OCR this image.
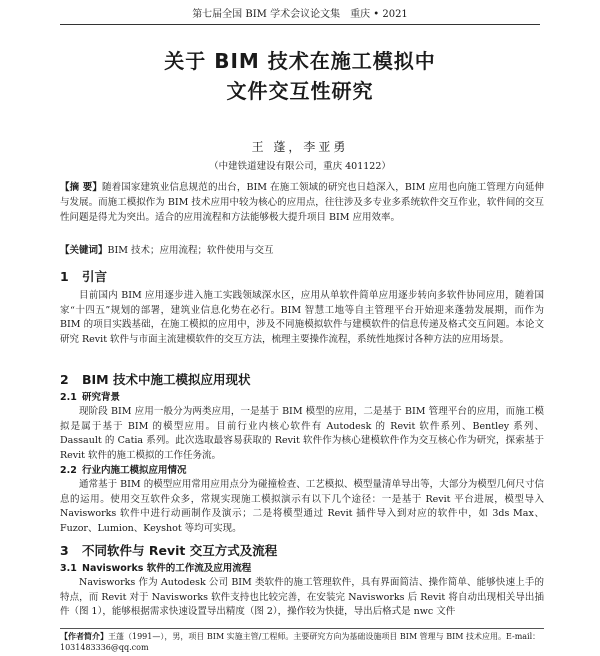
第七届全国 BIM 学术会议论文集 重庆 • 2021
关于 BIM 技术在施工模拟中
文件交互性研究
王 蓬，李亚勇
（中建铁道建设有限公司，重庆 401122）
【摘 要】随着国家建筑业信息规范的出台，BIM 在施工领域的研究也日趋深入，BIM 应用也向施工管理方向延伸与发展。而施工模拟作为 BIM 技术应用中较为核心的应用点，往往涉及多专业多系统软件交互作业，软件间的交互性问题是得尤为突出。适合的应用流程和方法能够极大提升项目 BIM 应用效率。
【关键词】BIM 技术；应用流程；软件使用与交互
1 引言
目前国内 BIM 应用逐步进入施工实践领域深水区，应用从单软件简单应用逐步转向多软件协同应用，随着国家“十四五”规划的部署，建筑业信息化势在必行。BIM 智慧工地等自主管理平台开始迎来蓬勃发展期，而作为 BIM 的项目实践基础，在施工模拟的应用中，涉及不同施模拟软件与建模软件的信息传递及格式交互问题。本论文研究 Revit 软件与市面主流建模软件的交互方法，梳理主要操作流程，系统性地探讨各种方法的应用场景。
2 BIM 技术中施工模拟应用现状
2.1 研究背景
现阶段 BIM 应用一般分为两类应用，一是基于 BIM 模型的应用，二是基于 BIM 管理平台的应用，而施工模拟是属于基于 BIM 的模型应用。目前行业内核心软件有 Autodesk 的 Revit 软件系列、Bentley 系列、Dassault 的 Catia 系列。此次选取最容易获取的 Revit 软件作为核心建模软件作为交互核心作为研究，探索基于 Revit 软件的施工模拟的工作任务流。
2.2 行业内施工模拟应用情况
通常基于 BIM 的模型应用常用应用点分为碰撞检查、工艺模拟、模型量清单导出等，大部分为模型几何尺寸信息的运用。使用交互软件众多，常规实现施工模拟演示有以下几个途径：一是基于 Revit 平台进展，模型导入 Navisworks 软件中进行动画制作及演示；二是将模型通过 Revit 插件导入到对应的软件中，如 3ds Max、Fuzor、Lumion、Keyshot 等均可实现。
3 不同软件与 Revit 交互方式及流程
3.1 Navisworks 软件的工作流及应用流程
Navisworks 作为 Autodesk 公司 BIM 类软件的施工管理软件，具有界面简洁、操作简单、能够快速上手的特点，而 Revit 对于 Navisworks 软件支持也比较完善，在安装完 Navisworks 后 Revit 将自动出现相关导出插件（图 1），能够根据需求快速设置导出精度（图 2），操作较为快捷，导出后格式是 nwc 文件
【作者简介】王蓬（1991—），男，项目 BIM 实施主管/工程师。主要研究方向为基础设施项目 BIM 管理与 BIM 技术应用。E-mail：1031483336@qq.com
